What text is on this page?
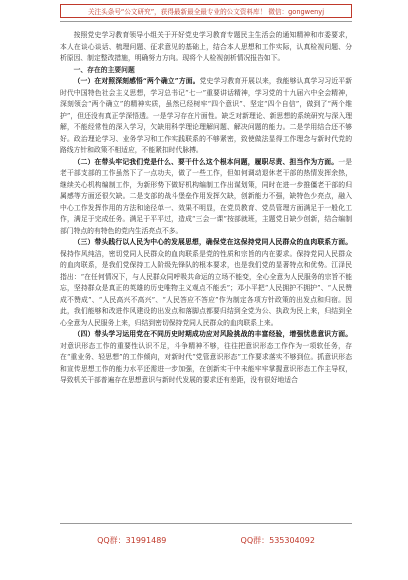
关注头条号“公文研究”，获得最新最全最专业的公文资料库！ 微信：gongwenyj

按照党史学习教育领导小组关于开好党史学习教育专题民主生活会的通知精神和市委要求，本人在谈心谈话、梳理问题、征求意见的基础上，结合本人思想和工作实际，认真检视问题、分析原因、制定整改措施，明确努力方向。现将个人检视剖析情况报告如下。

一、存在的主要问题

（一）在对照深刻感悟“两个确立”方面。党史学习教育开展以来，我能够认真学习习近平新时代中国特色社会主义思想，学习总书记“七一”重要讲话精神，学习党的十九届六中全会精神，深刻领会“两个确立”的精神实质，虽然已经树牢“四个意识”、坚定“四个自信”，做到了“两个维护”，但还没有真正学深悟透。一是学习存在片面性。缺乏对新理论、新思想的系统研究与深入理解，不能经常性的深入学习，欠缺用科学理论理解问题、解决问题的能力。二是学用结合还不够好。政治理论学习、业务学习和工作实践联系的不够紧密，致使做法显得工作理念与新时代党的路线方针和政策不相适应，不能紧扣时代脉搏。

（二）在带头牢记我们党是什么、要干什么这个根本问题，履职尽责、担当作为方面。一是老干部支部的工作虽然下了一点功夫，做了一些工作，但如何调动退休老干部的热情发挥余热，继续关心机构编制工作，为新形势下做好机构编制工作出谋划策，同时在进一步推僵老干部的归属感等方面还很欠缺。二是支部的战斗堡垒作用发挥欠缺，创新能力不强，缺特色少亮点，融入中心工作发挥作用的方法和途径单一、效果不明显，在党员教育、党员管理方面满足于一般化工作，满足于完成任务。满足于平平过，造成“三会一课”按部就班，主题党日缺少创新，结合编制部门特点的有特色的党内生活亮点不多。

（三）带头践行以人民为中心的发展思想，确保党在这保持党同人民群众的血肉联系方面。保持作风纯洁，密切党同人民群众的血肉联系是党的性质和宗旨的内在要求。保持党同人民群众的血肉联系，是我们党保持工人阶级先锋队的根本要求，也是我们党的显著特点和优势。江泽民指出：“在任何情况下，与人民群众同呼吸共命运的立场不能变，全心全意为人民服务的宗旨不能忘，坚持群众是真正的英雄的历史唯物主义观点不能丢”；邓小平把“人民拥护不拥护”、“人民赞成不赞成”、“人民高兴不高兴”、“人民答应不答应”作为制定各项方针政策的出发点和归宿。因此，我们能够和改进作风建设的出发点和落脚点都要归结到全党为公、执政为民上来，归结到全心全意为人民服务上来，归结到密切保持党同人民群众的血肉联系上来。

（四）带头学习运用党在不同历史时期成功应对风险挑战的丰富经验，增强忧患意识方面。对意识形态工作的重要性认识不足，斗争精神不够，往往把意识形态工作作为一项软任务，存在“重业务、轻思想”的工作倾向，对新时代“党管意识形态”工作要求落实不够到位。抓意识形态和宣传思想工作的能力水平还需进一步加强，在创新实干中未能牢牢掌握意识形态工作主导权，导致机关干部普遍存在思想意识与新时代发展的要求还有差距，没有很好地适合

QQ群：31991489	QQ群：535304092
